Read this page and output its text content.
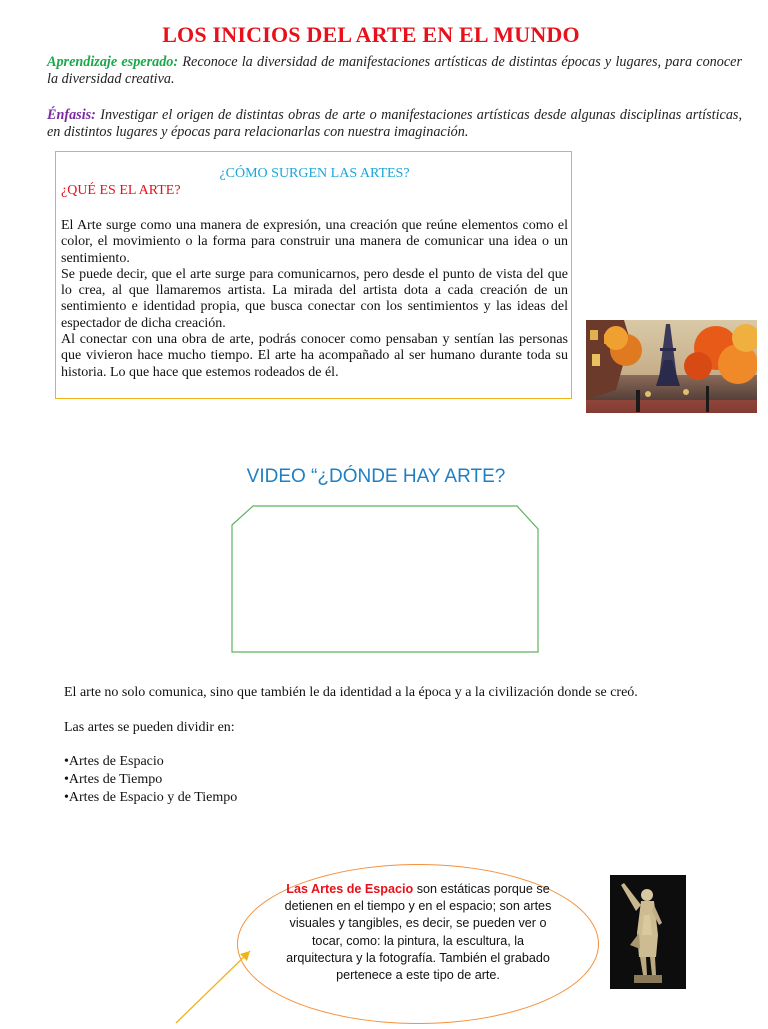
LOS INICIOS DEL ARTE EN EL MUNDO
Aprendizaje esperado: Reconoce la diversidad de manifestaciones artísticas de distintas épocas y lugares, para conocer la diversidad creativa.
Énfasis: Investigar el origen de distintas obras de arte o manifestaciones artísticas desde algunas disciplinas artísticas, en distintos lugares y épocas para relacionarlas con nuestra imaginación.
¿CÓMO SURGEN LAS ARTES?
¿QUÉ ES EL ARTE?

El Arte surge como una manera de expresión, una creación que reúne elementos como el color, el movimiento o la forma para construir una manera de comunicar una idea o un sentimiento.

Se puede decir, que el arte surge para comunicarnos, pero desde el punto de vista del que lo crea, al que llamaremos artista. La mirada del artista dota a cada creación de un sentimiento e identidad propia, que busca conectar con los sentimientos y las ideas del espectador de dicha creación.

Al conectar con una obra de arte, podrás conocer como pensaban y sentían las personas que vivieron hace mucho tiempo. El arte ha acompañado al ser humano durante toda su historia. Lo que hace que estemos rodeados de él.

VIDEO “¿DÓNDE HAY ARTE?
El arte no solo comunica, sino que también le da identidad a la época y a la civilización donde se creó.
Las artes se pueden dividir en:
•Artes de Espacio
•Artes de Tiempo
•Artes de Espacio y de Tiempo
Las Artes de Espacio son estáticas porque se detienen en el tiempo y en el espacio; son artes visuales y tangibles, es decir, se pueden ver o tocar, como: la pintura, la escultura, la arquitectura y la fotografía. También el grabado pertenece a este tipo de arte.
